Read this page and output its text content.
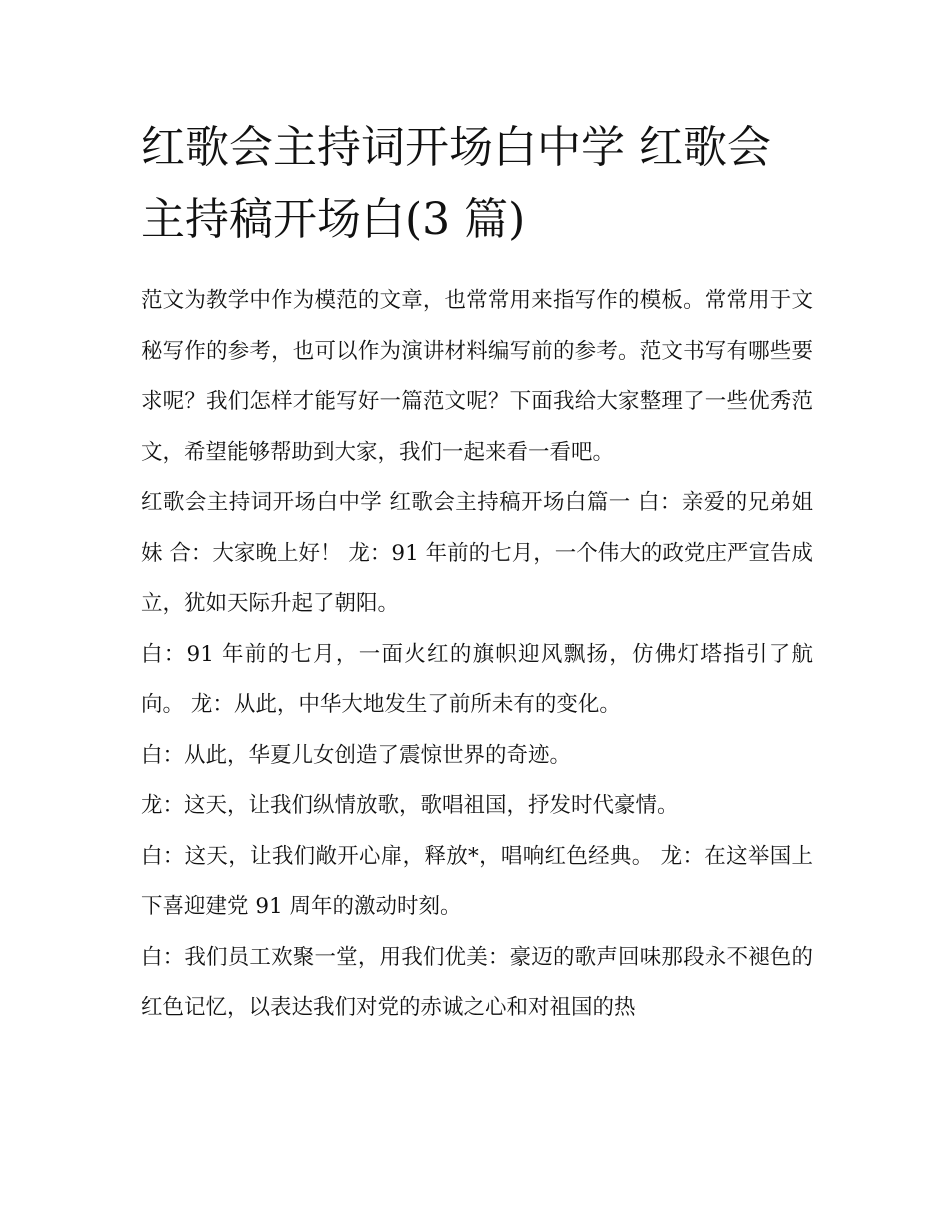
红歌会主持词开场白中学 红歌会主持稿开场白(3 篇)

范文为教学中作为模范的文章，也常常用来指写作的模板。常常用于文秘写作的参考，也可以作为演讲材料编写前的参考。范文书写有哪些要求呢？我们怎样才能写好一篇范文呢？下面我给大家整理了一些优秀范文，希望能够帮助到大家，我们一起来看一看吧。

红歌会主持词开场白中学 红歌会主持稿开场白篇一 白：亲爱的兄弟姐妹 合：大家晚上好！ 龙：91 年前的七月，一个伟大的政党庄严宣告成立，犹如天际升起了朝阳。

白：91 年前的七月，一面火红的旗帜迎风飘扬，仿佛灯塔指引了航向。 龙：从此，中华大地发生了前所未有的变化。

白：从此，华夏儿女创造了震惊世界的奇迹。

龙：这天，让我们纵情放歌，歌唱祖国，抒发时代豪情。

白：这天，让我们敞开心扉，释放*，唱响红色经典。 龙：在这举国上下喜迎建党 91 周年的激动时刻。

白：我们员工欢聚一堂，用我们优美：豪迈的歌声回味那段永不褪色的红色记忆，以表达我们对党的赤诚之心和对祖国的热
